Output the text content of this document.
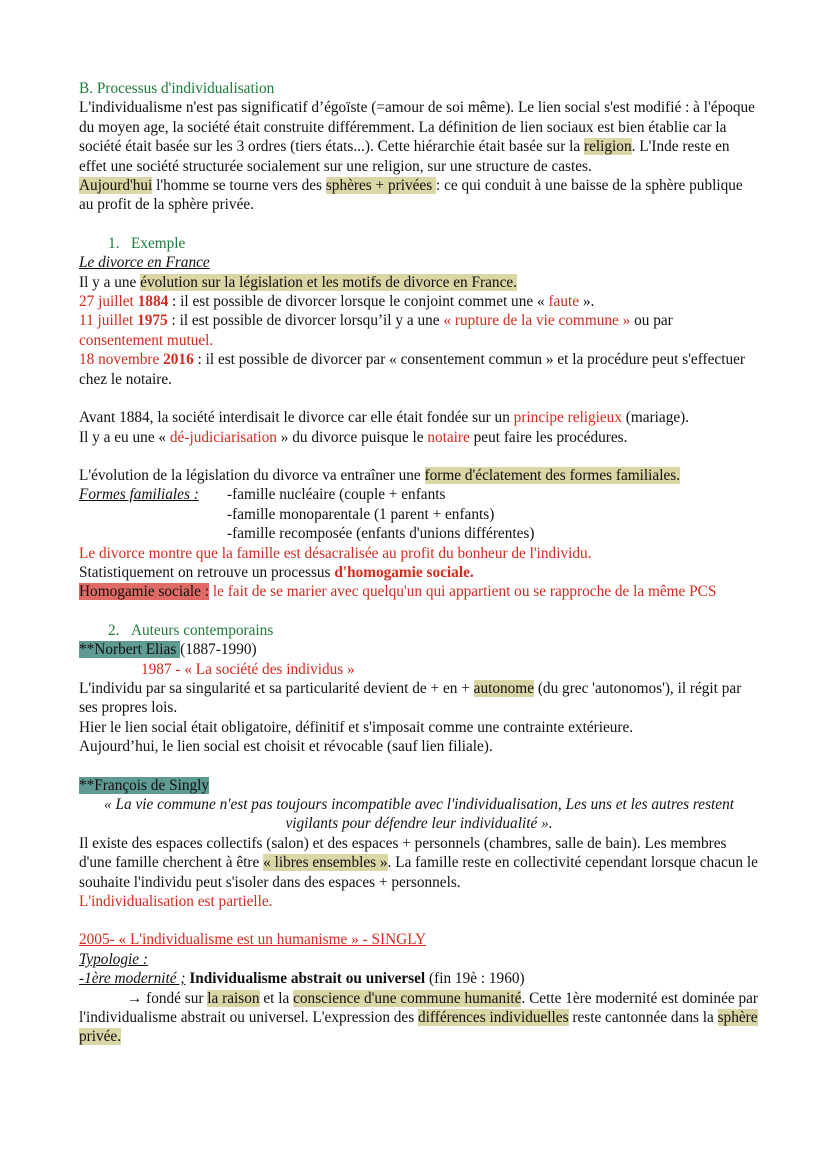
B. Processus d'individualisation

L'individualisme n'est pas significatif d’égoïste (=amour de soi même). Le lien social s'est modifié : à l'époque du moyen age, la société était construite différemment. La définition de lien sociaux est bien établie car la société était basée sur les 3 ordres (tiers états...). Cette hiérarchie était basée sur la religion. L'Inde reste en effet une société structurée socialement sur une religion, sur une structure de castes.

Aujourd'hui l'homme se tourne vers des sphères + privées : ce qui conduit à une baisse de la sphère publique au profit de la sphère privée.

1. Exemple

Le divorce en France

Il y a une évolution sur la législation et les motifs de divorce en France.

27 juillet 1884 : il est possible de divorcer lorsque le conjoint commet une « faute ».

11 juillet 1975 : il est possible de divorcer lorsqu’il y a une « rupture de la vie commune » ou par consentement mutuel.

18 novembre 2016 : il est possible de divorcer par « consentement commun » et la procédure peut s'effectuer chez le notaire.

Avant 1884, la société interdisait le divorce car elle était fondée sur un principe religieux (mariage).

Il y a eu une « dé-judiciarisation » du divorce puisque le notaire peut faire les procédures.

L'évolution de la législation du divorce va entraîner une forme d'éclatement des formes familiales.

Formes familiales :	-famille nucléaire (couple + enfants

-famille monoparentale (1 parent + enfants)

-famille recomposée (enfants d'unions différentes)

Le divorce montre que la famille est désacralisée au profit du bonheur de l'individu.

Statistiquement on retrouve un processus d'homogamie sociale.

Homogamie sociale : le fait de se marier avec quelqu'un qui appartient ou se rapproche de la même PCS

2. Auteurs contemporains

**Norbert Elias (1887-1990)

1987 - « La société des individus »

L'individu par sa singularité et sa particularité devient de + en + autonome (du grec 'autonomos'), il régit par ses propres lois.

Hier le lien social était obligatoire, définitif et s'imposait comme une contrainte extérieure.

Aujourd’hui, le lien social est choisit et révocable (sauf lien filiale).

**François de Singly

« La vie commune n'est pas toujours incompatible avec l'individualisation, Les uns et les autres restent vigilants pour défendre leur individualité ».

Il existe des espaces collectifs (salon) et des espaces + personnels (chambres, salle de bain). Les membres d'une famille cherchent à être « libres ensembles ». La famille reste en collectivité cependant lorsque chacun le souhaite l'individu peut s'isoler dans des espaces + personnels.

L'individualisation est partielle.

2005- « L'individualisme est un humanisme » - SINGLY

Typologie :

-1ère modernité ; Individualisme abstrait ou universel (fin 19è : 1960)

→ fondé sur la raison et la conscience d'une commune humanité. Cette 1ère modernité est dominée par l'individualisme abstrait ou universel. L'expression des différences individuelles reste cantonnée dans la sphère privée.
